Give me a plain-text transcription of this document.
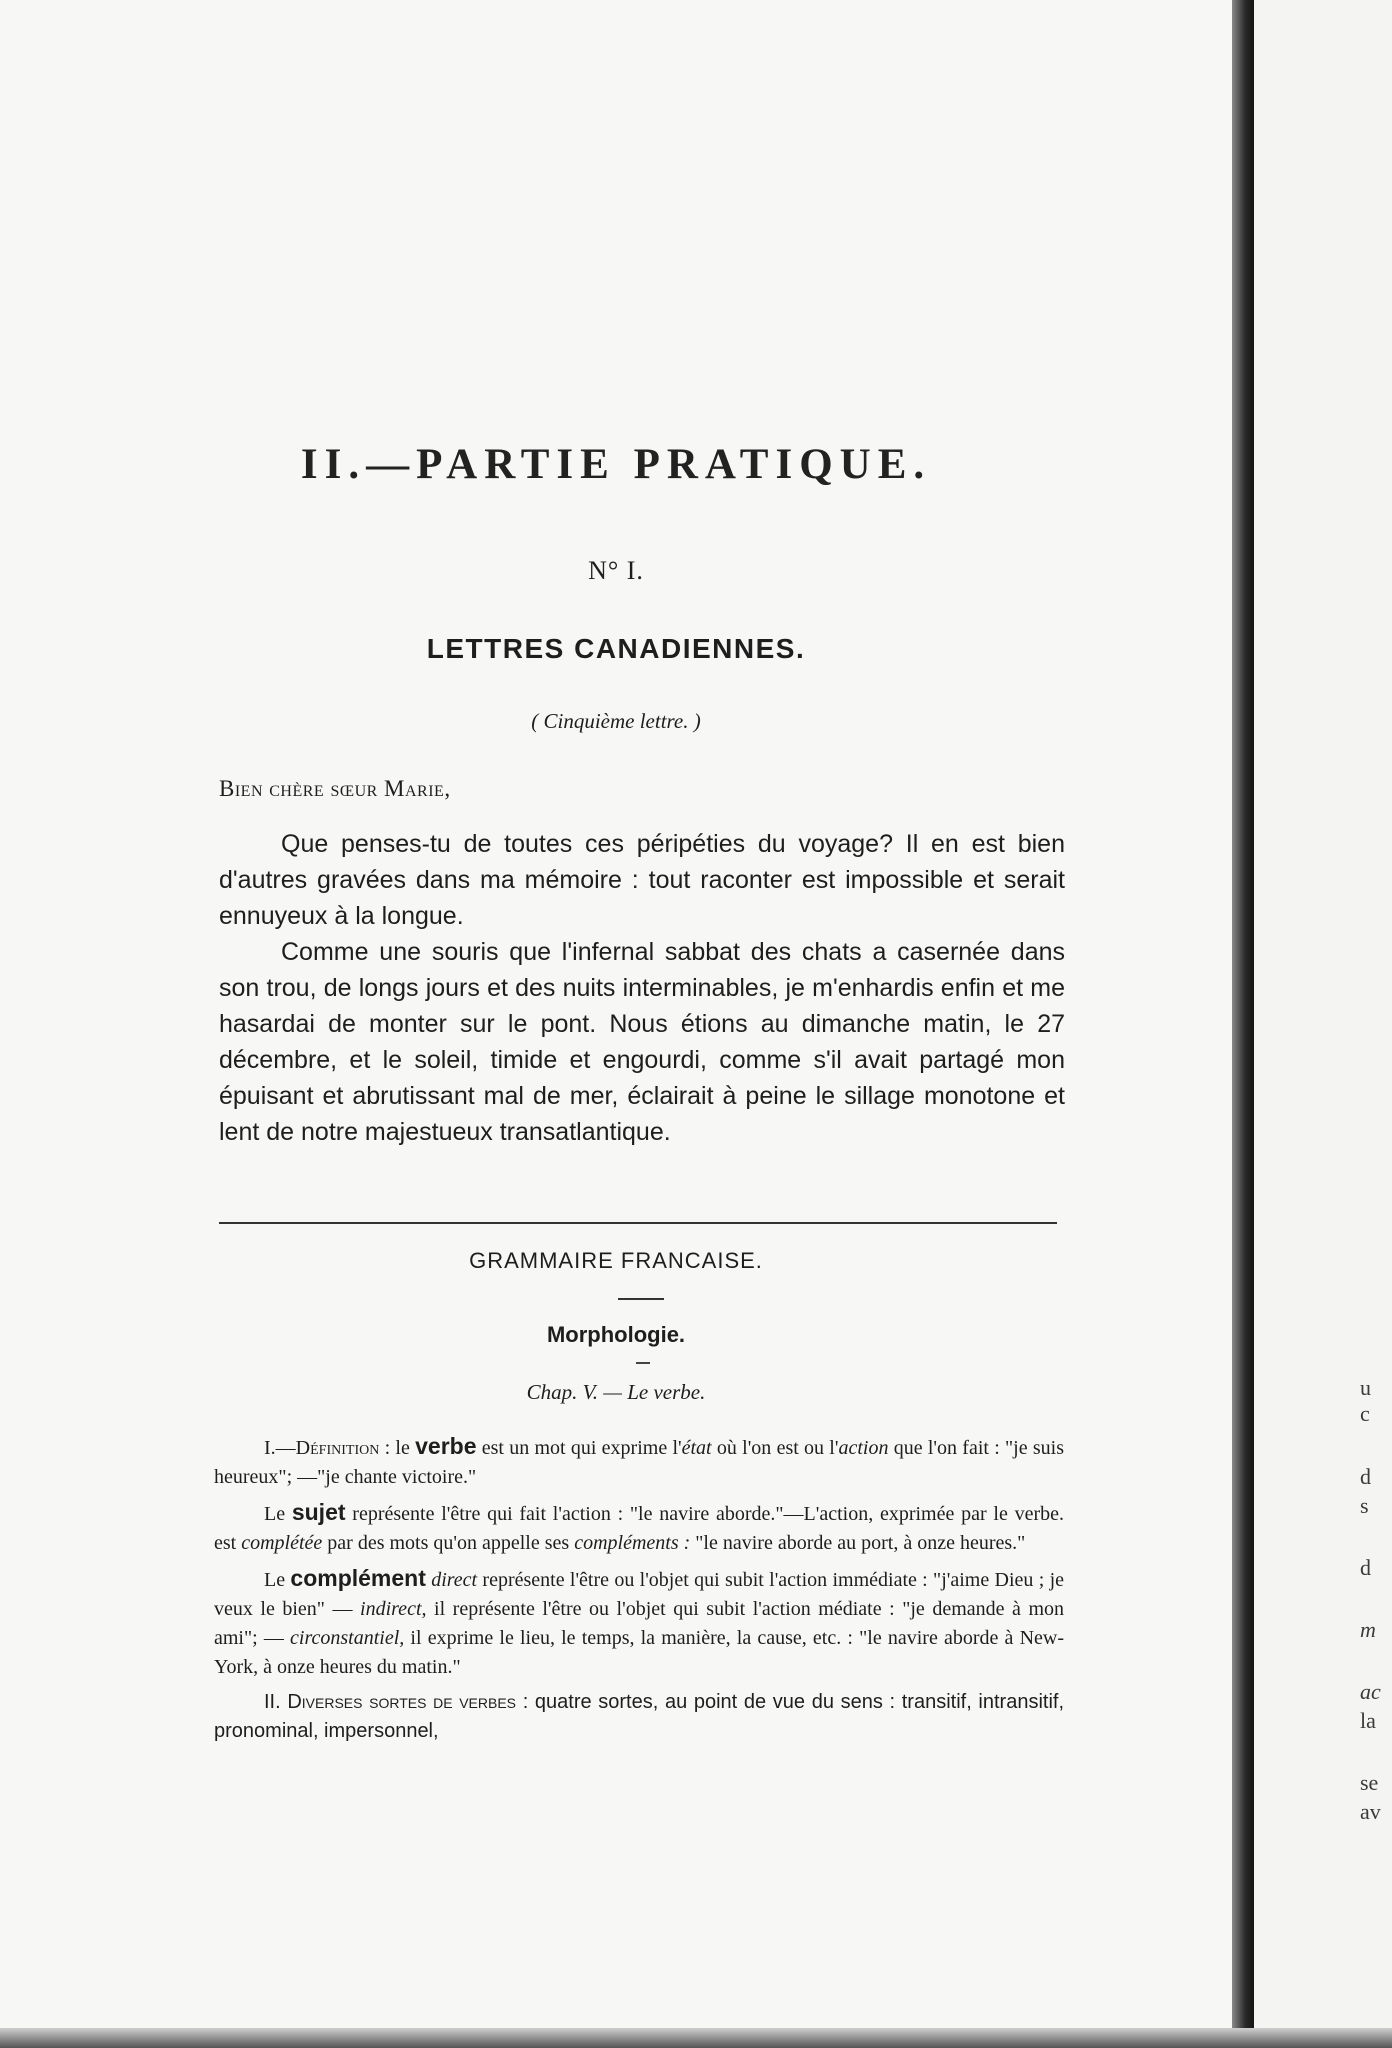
II.—PARTIE PRATIQUE.
N° I.
LETTRES CANADIENNES.
( Cinquième lettre. )
Bien chère sœur Marie,

Que penses-tu de toutes ces péripéties du voyage? Il en est bien d'autres gravées dans ma mémoire : tout raconter est impossible et serait ennuyeux à la longue.

Comme une souris que l'infernal sabbat des chats a casernée dans son trou, de longs jours et des nuits interminables, je m'enhardis enfin et me hasardai de monter sur le pont. Nous étions au dimanche matin, le 27 décembre, et le soleil, timide et engourdi, comme s'il avait partagé mon épuisant et abrutissant mal de mer, éclairait à peine le sillage monotone et lent de notre majestueux transatlantique.

GRAMMAIRE FRANCAISE.
Morphologie.
Chap. V. — Le verbe.

I.—Définition : le verbe est un mot qui exprime l'état où l'on est ou l'action que l'on fait : "je suis heureux"; —"je chante victoire."

Le sujet représente l'être qui fait l'action : "le navire aborde."—L'action, exprimée par le verbe. est complétée par des mots qu'on appelle ses compléments : "le navire aborde au port, à onze heures."

Le complément direct représente l'être ou l'objet qui subit l'action immédiate : "j'aime Dieu ; je veux le bien" — indirect, il représente l'être ou l'objet qui subit l'action médiate : "je demande à mon ami"; — circonstantiel, il exprime le lieu, le temps, la manière, la cause, etc. : "le navire aborde à New-York, à onze heures du matin."

II. Diverses sortes de verbes : quatre sortes, au point de vue du sens : transitif, intransitif, pronominal, impersonnel,

u
c
d
s
d
m
ac
la
se
av
